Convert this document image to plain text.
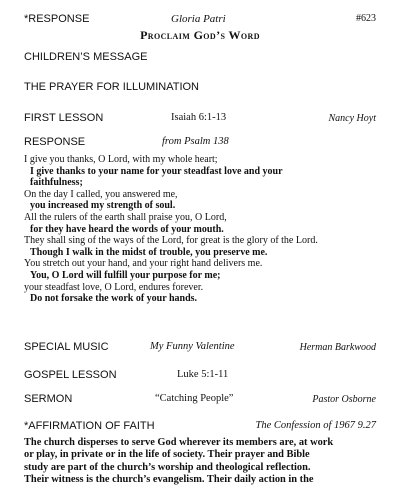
*RESPONSE	Gloria Patri	#623
Proclaim God’s Word
CHILDREN’S MESSAGE
THE PRAYER FOR ILLUMINATION
FIRST LESSON	Isaiah 6:1-13	Nancy Hoyt
RESPONSE	from Psalm 138
I give you thanks, O Lord, with my whole heart;
I give thanks to your name for your steadfast love and your
faithfulness;
On the day I called, you answered me,
you increased my strength of soul.
All the rulers of the earth shall praise you, O Lord,
for they have heard the words of your mouth.
They shall sing of the ways of the Lord, for great is the glory of the Lord.
Though I walk in the midst of trouble, you preserve me.
You stretch out your hand, and your right hand delivers me.
You, O Lord will fulfill your purpose for me;
your steadfast love, O Lord, endures forever.
Do not forsake the work of your hands.
SPECIAL MUSIC	My Funny Valentine	Herman Barkwood
GOSPEL LESSON	Luke 5:1-11
SERMON	“Catching People”	Pastor Osborne
*AFFIRMATION OF FAITH	The Confession of 1967 9.27
The church disperses to serve God wherever its members are, at work
or play, in private or in the life of society. Their prayer and Bible
study are part of the church’s worship and theological reflection.
Their witness is the church’s evangelism. Their daily action in the
